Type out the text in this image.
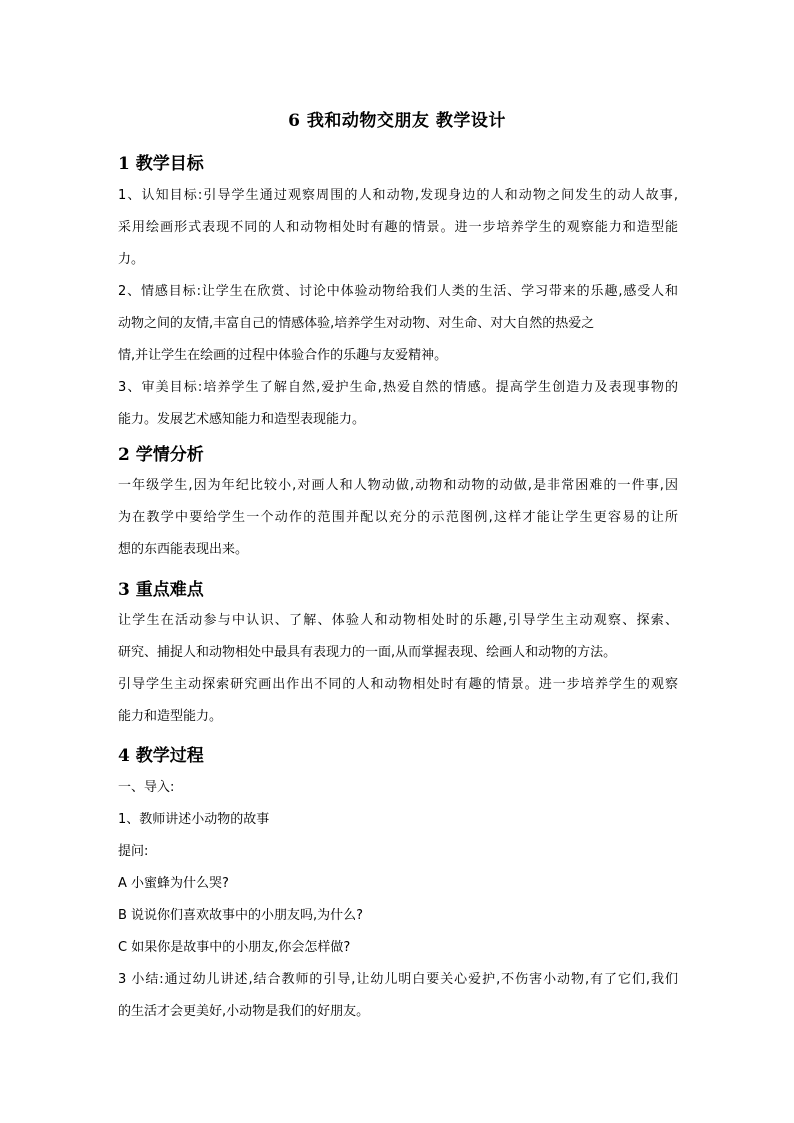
6 我和动物交朋友 教学设计
1 教学目标
1、认知目标:引导学生通过观察周围的人和动物,发现身边的人和动物之间发生的动人故事,
采用绘画形式表现不同的人和动物相处时有趣的情景。进一步培养学生的观察能力和造型能
力。
2、情感目标:让学生在欣赏、讨论中体验动物给我们人类的生活、学习带来的乐趣,感受人和
动物之间的友情,丰富自己的情感体验,培养学生对动物、对生命、对大自然的热爱之
情,并让学生在绘画的过程中体验合作的乐趣与友爱精神。
3、审美目标:培养学生了解自然,爱护生命,热爱自然的情感。提高学生创造力及表现事物的
能力。发展艺术感知能力和造型表现能力。
2 学情分析
一年级学生,因为年纪比较小,对画人和人物动做,动物和动物的动做,是非常困难的一件事,因
为在教学中要给学生一个动作的范围并配以充分的示范图例,这样才能让学生更容易的让所
想的东西能表现出来。
3 重点难点
让学生在活动参与中认识、了解、体验人和动物相处时的乐趣,引导学生主动观察、探索、
研究、捕捉人和动物相处中最具有表现力的一面,从而掌握表现、绘画人和动物的方法。
引导学生主动探索研究画出作出不同的人和动物相处时有趣的情景。进一步培养学生的观察
能力和造型能力。
4 教学过程
一、导入:
1、教师讲述小动物的故事
提问:
A 小蜜蜂为什么哭?
B 说说你们喜欢故事中的小朋友吗,为什么?
C 如果你是故事中的小朋友,你会怎样做?
3 小结:通过幼儿讲述,结合教师的引导,让幼儿明白要关心爱护,不伤害小动物,有了它们,我们
的生活才会更美好,小动物是我们的好朋友。
